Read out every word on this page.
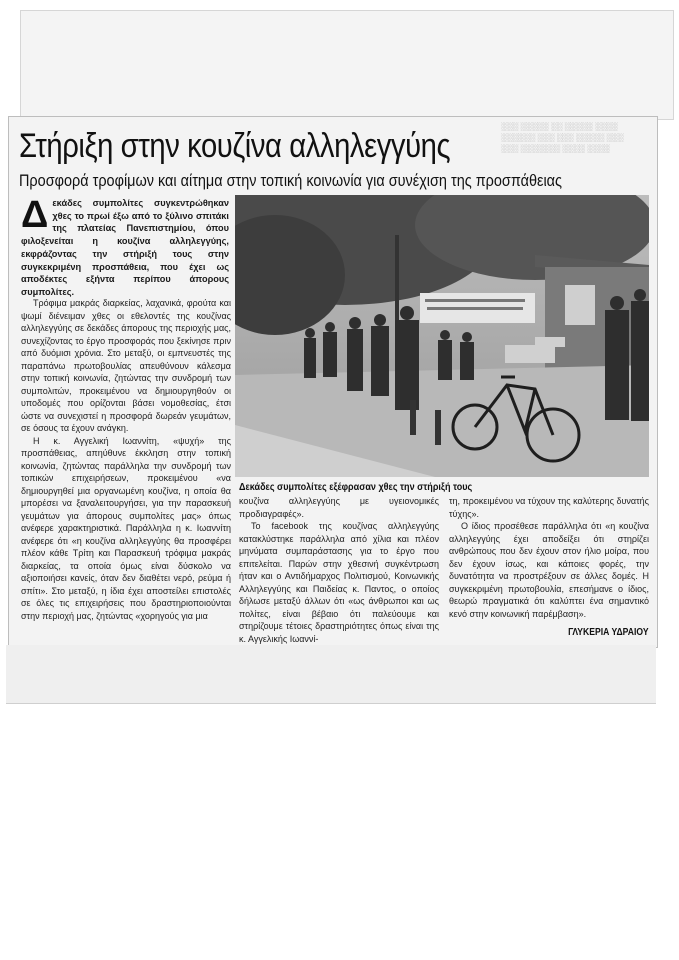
░░░ ░░░░░ ░░ ░░░░░ ░░░░
░░░░░░ ░░░ ░░░ ░░░░░ ░░░
░░░ ░░░░░░░ ░░░░ ░░░░
Στήριξη στην κουζίνα αλληλεγγύης
Προσφορά τροφίμων και αίτημα στην τοπική κοινωνία για συνέχιση της προσπάθειας

Δεκάδες συμπολίτες συγκεντρώθηκαν χθες το πρωί έξω από το ξύλινο σπιτάκι της πλατείας Πανεπιστημίου, όπου φιλοξενείται η κουζίνα αλληλεγγύης, εκφράζοντας την στήριξή τους στην συγκεκριμένη προσπάθεια, που έχει ως αποδέκτες εξήντα περίπου άπορους συμπολίτες.

Τρόφιμα μακράς διαρκείας, λαχανικά, φρούτα και ψωμί διένειμαν χθες οι εθελοντές της κουζίνας αλληλεγγύης σε δεκάδες άπορους της περιοχής μας, συνεχίζοντας το έργο προσφοράς που ξεκίνησε πριν από δυόμισι χρόνια. Στο μεταξύ, οι εμπνευστές της παραπάνω πρωτοβουλίας απευθύνουν κάλεσμα στην τοπική κοινωνία, ζητώντας την συνδρομή των συμπολιτών, προκειμένου να δημιουργηθούν οι υποδομές που ορίζονται βάσει νομοθεσίας, έτσι ώστε να συνεχιστεί η προσφορά δωρεάν γευμάτων, σε όσους τα έχουν ανάγκη.

Η κ. Αγγελική Ιωαννίτη, «ψυχή» της προσπάθειας, απηύθυνε έκκληση στην τοπική κοινωνία, ζητώντας παράλληλα την συνδρομή των τοπικών επιχειρήσεων, προκειμένου «να δημιουργηθεί μια οργανωμένη κουζίνα, η οποία θα μπορέσει να ξαναλειτουργήσει, για την παρασκευή γευμάτων για άπορους συμπολίτες μας» όπως ανέφερε χαρακτηριστικά. Παράλληλα η κ. Ιωαννίτη ανέφερε ότι «η κουζίνα αλληλεγγύης θα προσφέρει πλέον κάθε Τρίτη και Παρασκευή τρόφιμα μακράς διαρκείας, τα οποία όμως είναι δύσκολο να αξιοποιήσει κανείς, όταν δεν διαθέτει νερό, ρεύμα ή σπίτι». Στο μεταξύ, η ίδια έχει αποστείλει επιστολές σε όλες τις επιχειρήσεις που δραστηριοποιούνται στην περιοχή μας, ζητώντας «χορηγούς για μια

Δεκάδες συμπολίτες εξέφρασαν χθες την στήριξή τους

κουζίνα αλληλεγγύης με υγειονομικές προδιαγραφές».

Το facebook της κουζίνας αλληλεγγύης κατακλύστηκε παράλληλα από χίλια και πλέον μηνύματα συμπαράστασης για το έργο που επιτελείται. Παρών στην χθεσινή συγκέντρωση ήταν και ο Αντιδήμαρχος Πολιτισμού, Κοινωνικής Αλληλεγγύης και Παιδείας κ. Παντος, ο οποίος δήλωσε μεταξύ άλλων ότι «ως άνθρωποι και ως πολίτες, είναι βέβαιο ότι παλεύουμε και στηρίζουμε τέτοιες δραστηριότητες όπως είναι της κ. Αγγελικής Ιωαννί-

τη, προκειμένου να τύχουν της καλύτερης δυνατής τύχης».

Ο ίδιος προσέθεσε παράλληλα ότι «η κουζίνα αλληλεγγύης έχει αποδείξει ότι στηρίζει ανθρώπους που δεν έχουν στον ήλιο μοίρα, που δεν έχουν ίσως, και κάποιες φορές, την δυνατότητα να προστρέξουν σε άλλες δομές. Η συγκεκριμένη πρωτοβουλία, επεσήμανε ο ίδιος, θεωρώ πραγματικά ότι καλύπτει ένα σημαντικό κενό στην κοινωνική παρέμβαση».

ΓΛΥΚΕΡΙΑ ΥΔΡΑΙΟΥ
